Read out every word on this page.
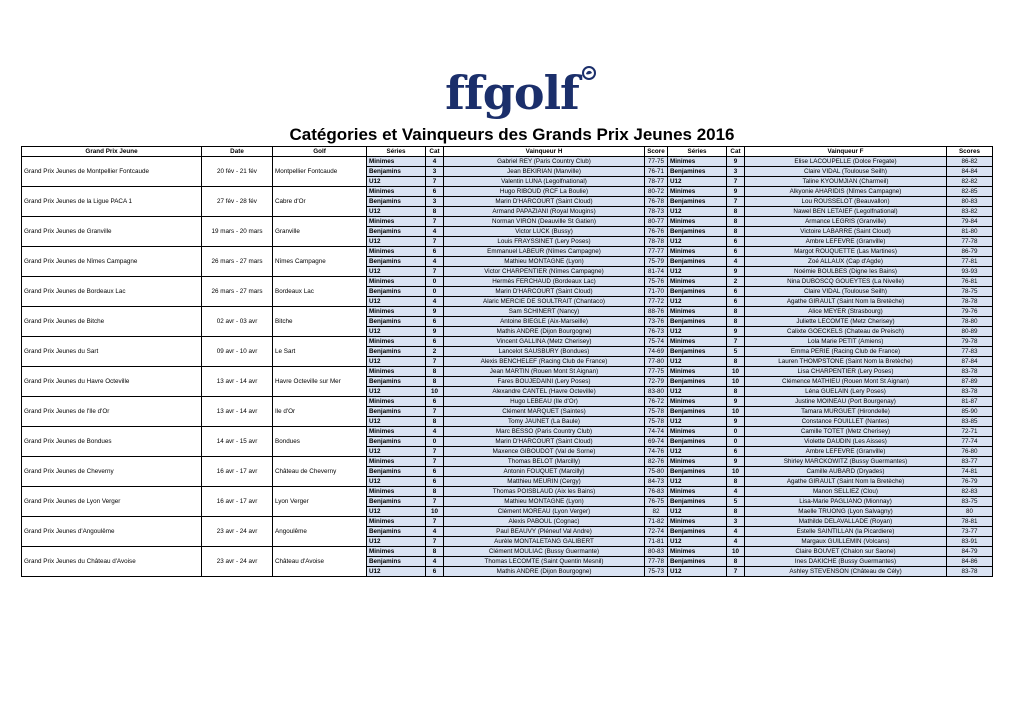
ffgolf
Catégories et Vainqueurs des Grands Prix Jeunes 2016
Grand Prix Jeune	Date	Golf	Séries	Cat	Vainqueur H	Score	Séries	Cat	Vainqueur F	Scores
Grand Prix Jeunes de Montpellier Fontcaude	20 fév - 21 fév	Montpellier Fontcaude	Minimes	4	Gabriel REY (Paris Country Club)	77-75	Minimes	9	Elise LACOUPELLE (Dolce Fregate)	86-82
			Benjamins	3	Jean BEKIRIAN (Manville)	76-71	Benjamines	3	Claire VIDAL (Toulouse Seilh)	84-84
			U12	7	Valentin LUNA (Legolfnational)	78-77	U12	7	Taline KYOUMJIAN (Charmeil)	82-82
Grand Prix Jeunes de la Ligue PACA 1	27 fév - 28 fév	Cabre d'Or	Minimes	6	Hugo RIBOUD (RCF La Boulie)	80-72	Minimes	9	Alkyonie AHARIDIS (Nîmes Campagne)	82-85
			Benjamins	3	Marin D'HARCOURT (Saint Cloud)	76-78	Benjamines	7	Lou ROUSSELOT (Beauvallon)	80-83
			U12	8	Armand PAPAZIANI (Royal Mougins)	78-73	U12	8	Nawel BEN LETAIEF (Legolfnational)	83-82
Grand Prix Jeunes de Granville	19 mars - 20 mars	Granville	Minimes	7	Norman VIRON (Deauville St Gatien)	80-77	Minimes	8	Armance LEGRIS (Granville)	79-84
			Benjamins	4	Victor LUCK (Bussy)	76-76	Benjamines	8	Victoire LABARRE (Saint Cloud)	81-80
			U12	7	Louis FRAYSSINET (Lery Poses)	78-78	U12	6	Ambre LEFEVRE (Granville)	77-78
Grand Prix Jeunes de Nîmes Campagne	26 mars - 27 mars	Nîmes Campagne	Minimes	6	Emmanuel LABEUR (Nîmes Campagne)	77-77	Minimes	6	Margot ROUQUETTE (Las Martines)	86-79
			Benjamins	4	Mathieu MONTAGNE (Lyon)	75-79	Benjamines	4	Zoé ALLAUX (Cap d'Agde)	77-81
			U12	7	Victor CHARPENTIER (Nîmes Campagne)	81-74	U12	9	Noémie BOULBES (Digne les Bains)	93-93
Grand Prix Jeunes de Bordeaux Lac	26 mars - 27 mars	Bordeaux Lac	Minimes	0	Hermès FERCHAUD (Bordeaux Lac)	75-76	Minimes	2	Nina DUBOSCQ GOUEYTES (La Nivelle)	76-81
			Benjamins	0	Marin D'HARCOURT (Saint Cloud)	71-70	Benjamines	6	Claire VIDAL (Toulouse Seilh)	78-75
			U12	4	Alaric MERCIE DE SOULTRAIT (Chantaco)	77-72	U12	6	Agathe GIRAULT (Saint Nom la Bretèche)	78-78
Grand Prix Jeunes de Bitche	02 avr - 03 avr	Bitche	Minimes	9	Sam SCHINERT (Nancy)	88-76	Minimes	8	Alice MEYER (Strasbourg)	79-76
			Benjamins	6	Antoine BIEGLE (Aix-Marseille)	73-76	Benjamines	8	Juliette LECOMTE (Metz Cherisey)	78-80
			U12	9	Mathis ANDRE (Dijon Bourgogne)	76-73	U12	9	Calixte GOECKELS (Chateau de Preisch)	80-89
Grand Prix Jeunes du Sart	09 avr - 10 avr	Le Sart	Minimes	6	Vincent GALLINA (Metz Cherisey)	75-74	Minimes	7	Lola Marie PETIT (Amiens)	79-78
			Benjamins	2	Lancelot SAUSBURY (Bondues)	74-69	Benjamines	5	Emma PERIE (Racing Club de France)	77-83
			U12	7	Alexis BENCHELEF (Racing Club de France)	77-80	U12	8	Lauren THOMPSTONE (Saint Nom la Bretèche)	87-84
Grand Prix Jeunes du Havre Octeville	13 avr - 14 avr	Havre Octeville sur Mer	Minimes	8	Jean MARTIN (Rouen Mont St Aignan)	77-75	Minimes	10	Lisa CHARPENTIER (Lery Poses)	83-78
			Benjamins	8	Fares BOUJEDAINI (Lery Poses)	72-79	Benjamines	10	Clémence MATHIEU (Rouen Mont St Aignan)	87-89
			U12	10	Alexandre CANTEL (Havre Octeville)	83-80	U12	8	Léna GUELAIN (Lery Poses)	83-78
Grand Prix Jeunes de l'Ile d'Or	13 avr - 14 avr	Ile d'Or	Minimes	6	Hugo LEBEAU (Ile d'Or)	76-72	Minimes	9	Justine MOINEAU (Port Bourgenay)	81-87
			Benjamins	7	Clément MARQUET (Saintes)	75-78	Benjamines	10	Tamara MURGUET (Hirondelle)	85-90
			U12	8	Tomy JAUNET (La Baule)	75-78	U12	9	Constance FOUILLET (Nantes)	83-85
Grand Prix Jeunes de Bondues	14 avr - 15 avr	Bondues	Minimes	4	Marc BESSO (Paris Country Club)	74-74	Minimes	0	Camille TOTET (Metz Cherisey)	72-71
			Benjamins	0	Marin D'HARCOURT (Saint Cloud)	69-74	Benjamines	0	Violette DAUDIN (Les Aisses)	77-74
			U12	7	Maxence GIBOUDOT (Val de Sorne)	74-76	U12	6	Ambre LEFEVRE (Granville)	76-80
Grand Prix Jeunes de Cheverny	16 avr - 17 avr	Château de Cheverny	Minimes	7	Thomas BELOT (Marcilly)	82-76	Minimes	9	Shirley MARCKOWITZ (Bussy Guermantes)	83-77
			Benjamins	6	Antonin FOUQUET (Marcilly)	75-80	Benjamines	10	Camille AUBARD (Dryades)	74-81
			U12	6	Matthieu MEURIN (Cergy)	84-73	U12	8	Agathe GIRAULT (Saint Nom la Bretèche)	76-79
Grand Prix Jeunes de Lyon Verger	16 avr - 17 avr	Lyon Verger	Minimes	8	Thomas POISBLAUD (Aix les Bains)	76-83	Minimes	4	Manon SELLIEZ (Clou)	82-83
			Benjamins	7	Mathieu MONTAGNE (Lyon)	76-75	Benjamines	5	Lisa-Marie PAGLIANO (Mionnay)	83-75
			U12	10	Clément MOREAU (Lyon Verger)	82	U12	8	Maelle TRUONG (Lyon Salvagny)	80
Grand Prix Jeunes d'Angoulême	23 avr - 24 avr	Angoulême	Minimes	7	Alexis PABOUL (Cognac)	71-82	Minimes	3	Mathilde DELAVALLADE (Royan)	78-81
			Benjamins	4	Paul BEAUVY (Pléneuf Val Andre)	72-74	Benjamines	4	Estelle SAINTILLAN (la Picardiere)	73-77
			U12	7	Aurèle MONTALETANG GALIBERT	71-81	U12	4	Margaux GUILLEMIN (Volcans)	83-91
Grand Prix Jeunes du Château d'Avoise	23 avr - 24 avr	Château d'Avoise	Minimes	8	Clément MOULIAC (Bussy Guermante)	80-83	Minimes	10	Claire BOUVET (Chalon sur Saone)	84-79
			Benjamins	4	Thomas LECOMTE (Saint Quentin Mesnil)	77-78	Benjamines	8	Ines DAKICHE (Bussy Guermantes)	84-86
			U12	6	Mathis ANDRE (Dijon Bourgogne)	75-73	U12	7	Ashley STEVENSON (Château de Cély)	83-78
